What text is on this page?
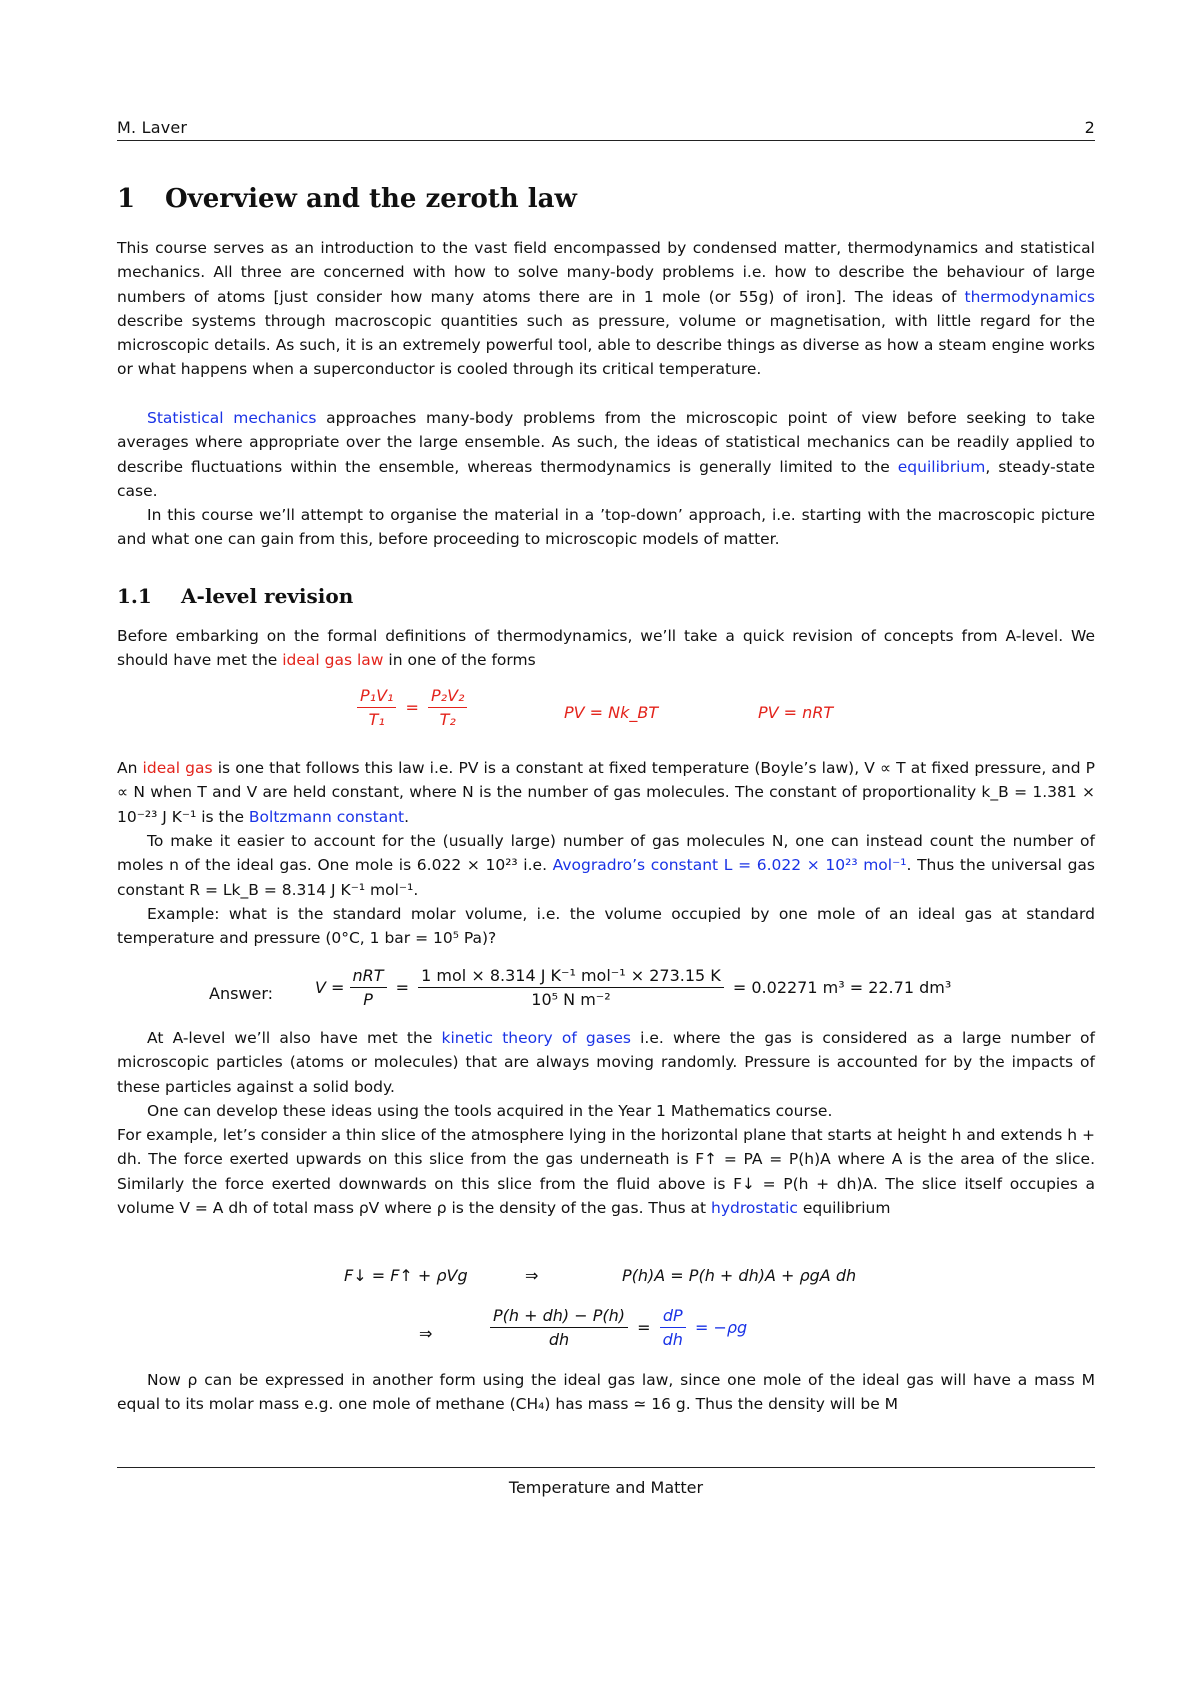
M. Laver	2
1 Overview and the zeroth law

This course serves as an introduction to the vast field encompassed by condensed matter, thermodynamics and statistical mechanics. All three are concerned with how to solve many-body problems i.e. how to describe the behaviour of large numbers of atoms [just consider how many atoms there are in 1 mole (or 55g) of iron]. The ideas of thermodynamics describe systems through macroscopic quantities such as pressure, volume or magnetisation, with little regard for the microscopic details. As such, it is an extremely powerful tool, able to describe things as diverse as how a steam engine works or what happens when a superconductor is cooled through its critical temperature.

Statistical mechanics approaches many-body problems from the microscopic point of view before seeking to take averages where appropriate over the large ensemble. As such, the ideas of statistical mechanics can be readily applied to describe fluctuations within the ensemble, whereas thermodynamics is generally limited to the equilibrium, steady-state case.

In this course we’ll attempt to organise the material in a ’top-down’ approach, i.e. starting with the macroscopic picture and what one can gain from this, before proceeding to microscopic models of matter.

1.1 A-level revision

Before embarking on the formal definitions of thermodynamics, we’ll take a quick revision of concepts from A-level. We should have met the ideal gas law in one of the forms

$\frac{\text{P₁V₁}}{\text{T₁}} = \frac{\text{P₂V₂}}{\text{T₂}}$	PV = Nk_BT	PV = nRT

An ideal gas is one that follows this law i.e. PV is a constant at fixed temperature (Boyle’s law), V ∝ T at fixed pressure, and P ∝ N when T and V are held constant, where N is the number of gas molecules. The constant of proportionality k_B = 1.381 × 10⁻²³ J K⁻¹ is the Boltzmann constant.

To make it easier to account for the (usually large) number of gas molecules N, one can instead count the number of moles n of the ideal gas. One mole is 6.022 × 10²³ i.e. Avogradro’s constant L = 6.022 × 10²³ mol⁻¹. Thus the universal gas constant R = Lk_B = 8.314 J K⁻¹ mol⁻¹.

Example: what is the standard molar volume, i.e. the volume occupied by one mole of an ideal gas at standard temperature and pressure (0°C, 1 bar = 10⁵ Pa)?

Answer:	$V = \frac{\text{nRT}}{P} = \frac{\text{1 mol × 8.314 J K⁻¹ mol⁻¹ × 273.15 K}}{\text{10⁵ N m⁻²}} = 0.02271$ m³ = 22.71 dm³

At A-level we’ll also have met the kinetic theory of gases i.e. where the gas is considered as a large number of microscopic particles (atoms or molecules) that are always moving randomly. Pressure is accounted for by the impacts of these particles against a solid body.

One can develop these ideas using the tools acquired in the Year 1 Mathematics course.

For example, let’s consider a thin slice of the atmosphere lying in the horizontal plane that starts at height h and extends h + dh. The force exerted upwards on this slice from the gas underneath is F↑ = PA = P(h)A where A is the area of the slice. Similarly the force exerted downwards on this slice from the fluid above is F↓ = P(h + dh)A. The slice itself occupies a volume V = A dh of total mass ρV where ρ is the density of the gas. Thus at hydrostatic equilibrium

F↓ = F↑ + ρVg	⇒	P(h)A = P(h + dh)A + ρgA dh
⇒	$\frac{P(h + dh) - P(h)}{dh} = \frac{dP}{dh} = -\rho g$

Now ρ can be expressed in another form using the ideal gas law, since one mole of the ideal gas will have a mass M equal to its molar mass e.g. one mole of methane (CH₄) has mass ≃ 16 g. Thus the density will be M

Temperature and Matter
